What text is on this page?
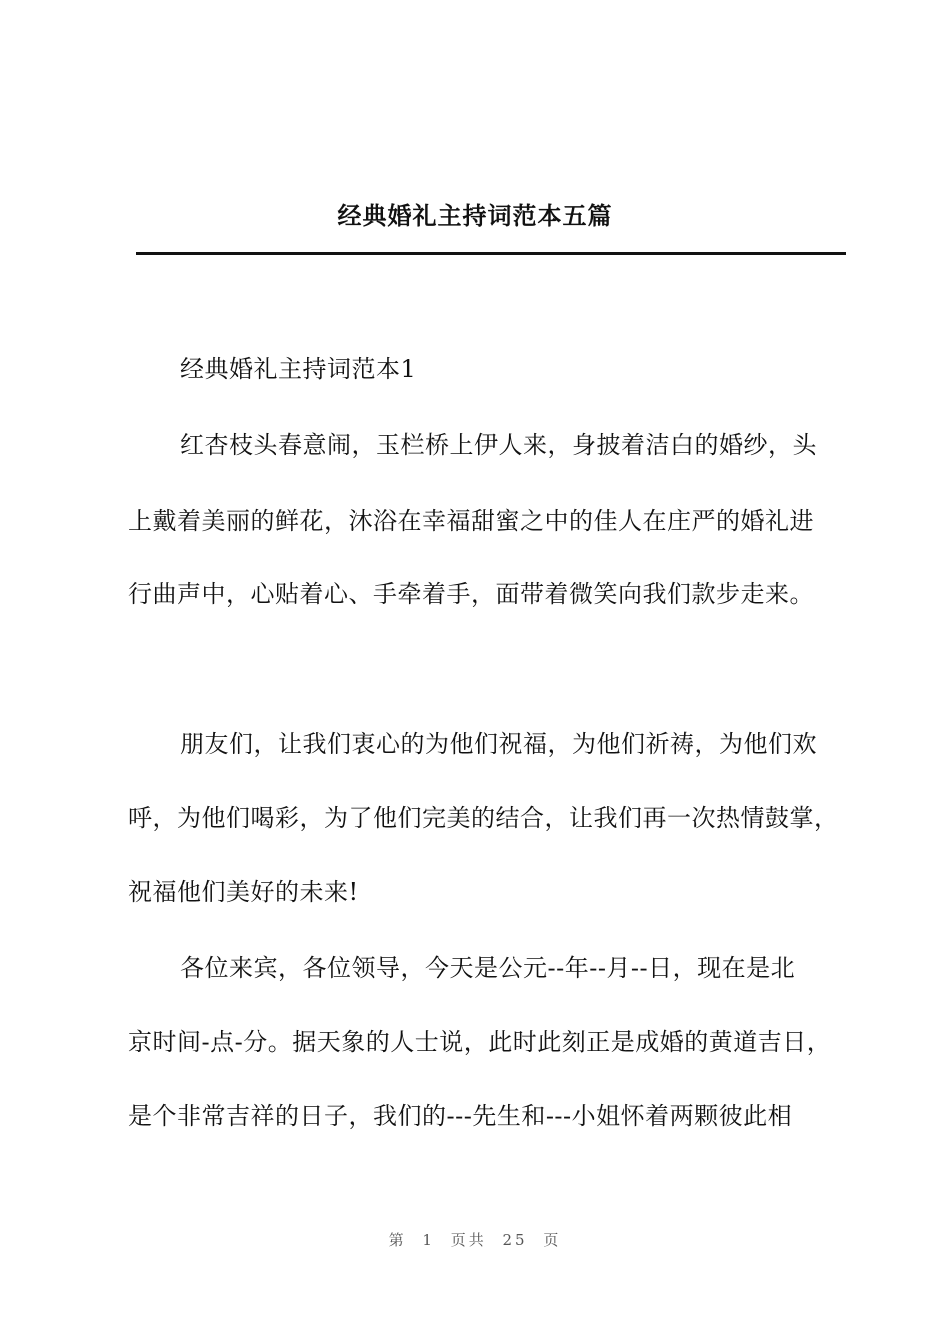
经典婚礼主持词范本五篇
经典婚礼主持词范本1
红杏枝头春意闹，玉栏桥上伊人来，身披着洁白的婚纱，头
上戴着美丽的鲜花，沐浴在幸福甜蜜之中的佳人在庄严的婚礼进
行曲声中，心贴着心、手牵着手，面带着微笑向我们款步走来。
朋友们，让我们衷心的为他们祝福，为他们祈祷，为他们欢
呼，为他们喝彩，为了他们完美的结合，让我们再一次热情鼓掌，
祝福他们美好的未来!
各位来宾，各位领导，今天是公元--年--月--日，现在是北
京时间-点-分。据天象的人士说，此时此刻正是成婚的黄道吉日，
是个非常吉祥的日子，我们的---先生和---小姐怀着两颗彼此相
第 1 页共 25 页
